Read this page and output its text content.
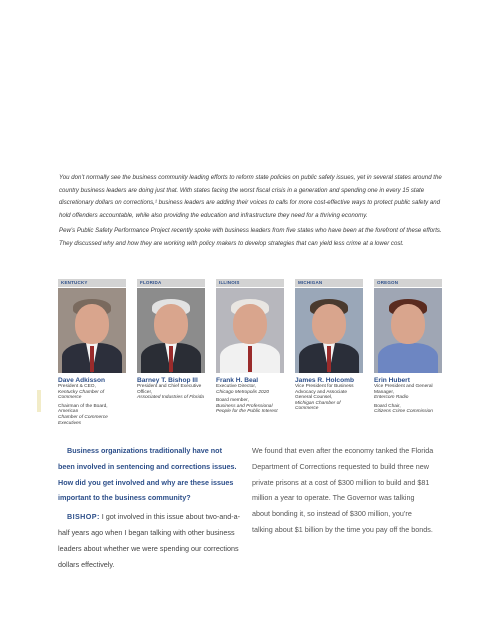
You don’t normally see the business community leading efforts to reform state policies on public safety issues, yet in several states around the country business leaders are doing just that. With states facing the worst fiscal crisis in a generation and spending one in every 15 state discretionary dollars on corrections,¹ business leaders are adding their voices to calls for more cost-effective ways to protect public safety and hold offenders accountable, while also providing the education and infrastructure they need for a thriving economy.

Pew’s Public Safety Performance Project recently spoke with business leaders from five states who have been at the forefront of these efforts. They discussed why and how they are working with policy makers to develop strategies that can yield less crime at a lower cost.

KENTUCKY
Dave Adkisson
President & CEO,
Kentucky Chamber of Commerce
Chairman of the Board, American
Chamber of Commerce Executives
FLORIDA
Barney T. Bishop III
President and Chief Executive Officer,
Associated Industries of Florida
ILLINOIS
Frank H. Beal
Executive Director,
Chicago Metropolis 2020
Board member,
Business and Professional People for the Public Interest
MICHIGAN
James R. Holcomb
Vice President for Business Advocacy and Associate
General Counsel,
Michigan Chamber of Commerce
OREGON
Erin Hubert
Vice President and General Manager,
Entercom Radio
Board Chair,
Citizens Crime Commission

Business organizations traditionally have not been involved in sentencing and corrections issues. How did you get involved and why are these issues important to the business community?

BISHOP: I got involved in this issue about two-and-a-half years ago when I began talking with other business leaders about whether we were spending our corrections dollars effectively.

We found that even after the economy tanked the Florida Department of Corrections requested to build three new private prisons at a cost of $300 million to build and $81 million a year to operate. The Governor was talking about bonding it, so instead of $300 million, you’re talking about $1 billion by the time you pay off the bonds.
